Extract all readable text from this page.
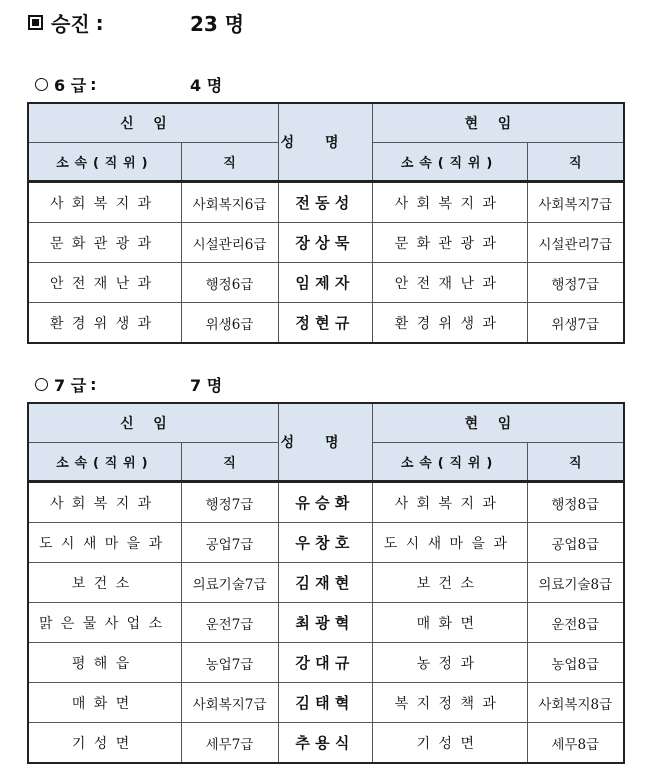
승진 :	23 명
6 급 :	4 명
신임		성명	현임	
소속(직위)	직		소속(직위)	직
사회복지과	사회복지6급	전동성	사회복지과	사회복지7급
문화관광과	시설관리6급	장상묵	문화관광과	시설관리7급
안전재난과	행정6급	임제자	안전재난과	행정7급
환경위생과	위생6급	정현규	환경위생과	위생7급
7 급 :	7 명
신임		성명	현임	
소속(직위)	직		소속(직위)	직
사회복지과	행정7급	유승화	사회복지과	행정8급
도시새마을과	공업7급	우창호	도시새마을과	공업8급
보건소	의료기술7급	김재현	보건소	의료기술8급
맑은물사업소	운전7급	최광혁	매화면	운전8급
평해읍	농업7급	강대규	농정과	농업8급
매화면	사회복지7급	김태혁	복지정책과	사회복지8급
기성면	세무7급	추용식	기성면	세무8급
